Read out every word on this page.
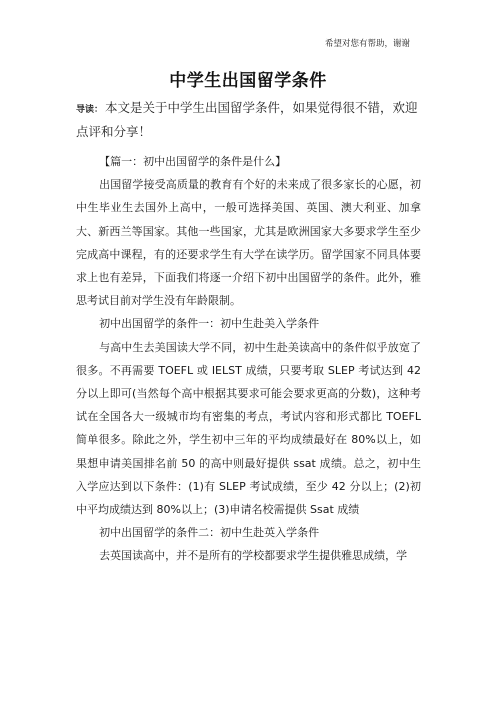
希望对您有帮助，谢谢
中学生出国留学条件
导读： 本文是关于中学生出国留学条件，如果觉得很不错，欢迎点评和分享！

【篇一：初中出国留学的条件是什么】

出国留学接受高质量的教育有个好的未来成了很多家长的心愿，初中生毕业生去国外上高中，一般可选择美国、英国、澳大利亚、加拿大、新西兰等国家。其他一些国家，尤其是欧洲国家大多要求学生至少完成高中课程，有的还要求学生有大学在读学历。留学国家不同具体要求上也有差异，下面我们将逐一介绍下初中出国留学的条件。此外，雅思考试目前对学生没有年龄限制。

初中出国留学的条件一：初中生赴美入学条件

与高中生去美国读大学不同，初中生赴美读高中的条件似乎放宽了很多。不再需要 TOEFL 或 IELST 成绩，只要考取 SLEP 考试达到 42 分以上即可(当然每个高中根据其要求可能会要求更高的分数)，这种考试在全国各大一级城市均有密集的考点，考试内容和形式都比 TOEFL 简单很多。除此之外，学生初中三年的平均成绩最好在 80%以上，如果想申请美国排名前 50 的高中则最好提供 ssat 成绩。总之，初中生入学应达到以下条件：(1)有 SLEP 考试成绩，至少 42 分以上；(2)初中平均成绩达到 80%以上；(3)申请名校需提供 Ssat 成绩

初中出国留学的条件二：初中生赴英入学条件

去英国读高中，并不是所有的学校都要求学生提供雅思成绩，学
